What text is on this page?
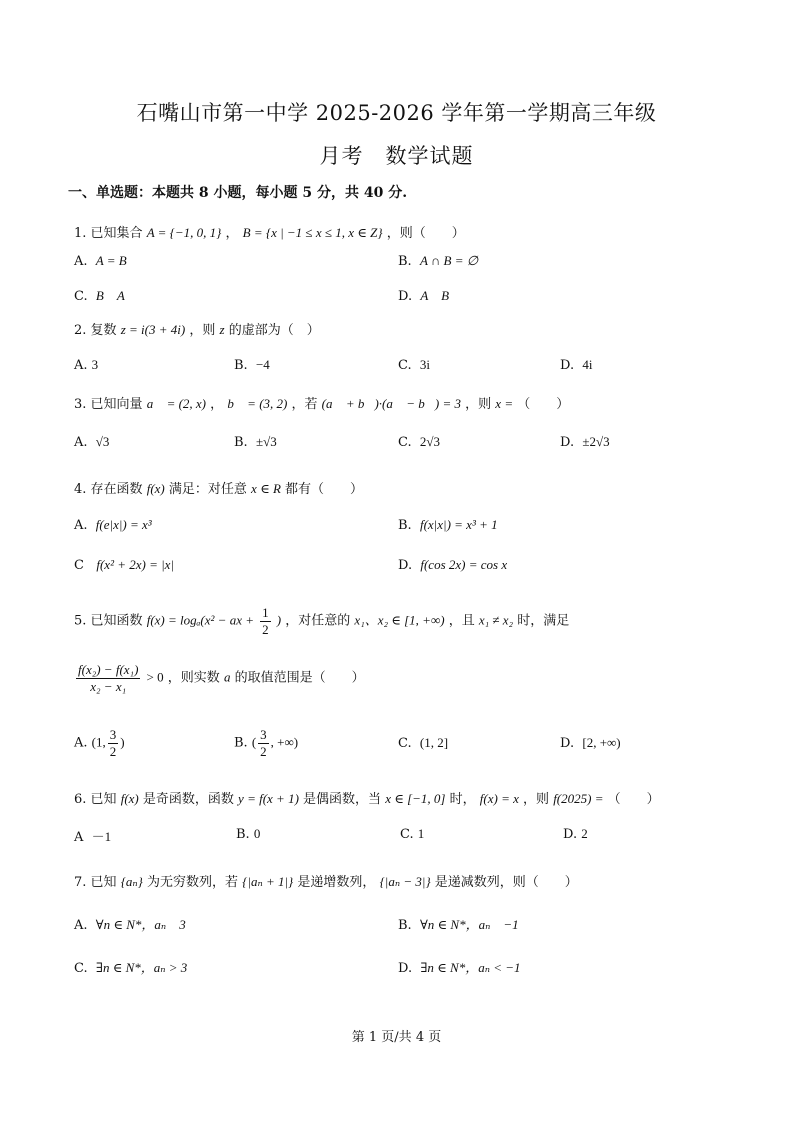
石嘴山市第一中学 2025-2026 学年第一学期高三年级
月考　数学试题
一、单选题：本题共 8 小题，每小题 5 分，共 40 分.
1. 已知集合 A = {−1, 0, 1} ， B = {x | −1 ≤ x ≤ 1, x ∈ Z} ，则（　　）
A. A = B	B. A ∩ B = ∅
C. B　A	D. A　B
2. 复数 z = i(3 + 4i) ，则 z 的虚部为（　）
A. 3	B. −4	C. 3i	D. 4i
3. 已知向量 a⃗ = (2, x) ， b⃗ = (3, 2) ，若 (a⃗ + b⃗)·(a⃗ − b⃗) = 3 ，则 x = （　　）
A. √3	B. ±√3	C. 2√3	D. ±2√3
4. 存在函数 f(x) 满足：对任意 x ∈ R 都有（　　）
A. f(e|x|) = x³	B. f(x|x|) = x³ + 1
C f(x² + 2x) = |x|	D. f(cos 2x) = cos x
5. 已知函数 f(x) = logₐ(x² − ax + $\frac{1}{2}$ ) ，对任意的 x₁、x₂ ∈ [1, +∞) ，且 x₁ ≠ x₂ 时，满足
$\frac{\text{f(x₂) − f(x₁)}}{\text{x₂ − x₁}} > 0$ ，则实数 a 的取值范围是（　　）
A. (1, $\frac{3}{2}$ )	B. ( $\frac{3}{2}$ , +∞)	C. (1, 2]	D. [2, +∞)
6. 已知 f(x) 是奇函数，函数 y = f(x + 1) 是偶函数，当 x ∈ [−1, 0] 时， f(x) = x ，则 f(2025) = （　　）
A －1	B. 0	C. 1	D. 2
7. 已知 {aₙ} 为无穷数列，若 {|aₙ + 1|} 是递增数列， {|aₙ − 3|} 是递减数列，则（　　）
A. ∀n ∈ N*，aₙ　3	B. ∀n ∈ N*，aₙ　−1
C. ∃n ∈ N*，aₙ > 3	D. ∃n ∈ N*，aₙ < −1
第 1 页/共 4 页
